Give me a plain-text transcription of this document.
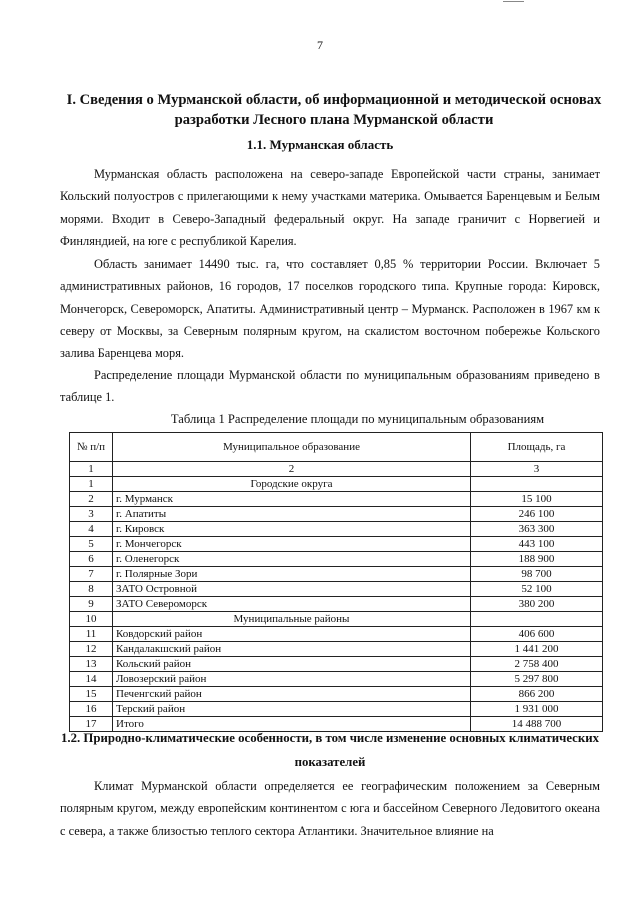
7
I. Сведения о Мурманской области, об информационной и методической основах разработки Лесного плана Мурманской области
1.1. Мурманская область

Мурманская область расположена на северо-западе Европейской части страны, занимает Кольский полуостров с прилегающими к нему участками материка. Омывается Баренцевым и Белым морями. Входит в Северо-Западный федеральный округ. На западе граничит с Норвегией и Финляндией, на юге с республикой Карелия.

Область занимает 14490 тыс. га, что составляет 0,85 % территории России. Включает 5 административных районов, 16 городов, 17 поселков городского типа. Крупные города: Кировск, Мончегорск, Североморск, Апатиты. Административный центр – Мурманск. Расположен в 1967 км к северу от Москвы, за Северным полярным кругом, на скалистом восточном побережье Кольского залива Баренцева моря.

Распределение площади Мурманской области по муниципальным образованиям приведено в таблице 1.

Таблица 1 Распределение площади по муниципальным образованиям
№ п/п	Муниципальное образование	Площадь, га
1	2	3
1	Городские округа	
2	г. Мурманск	15 100
3	г. Апатиты	246 100
4	г. Кировск	363 300
5	г. Мончегорск	443 100
6	г. Оленегорск	188 900
7	г. Полярные Зори	98 700
8	ЗАТО Островной	52 100
9	ЗАТО Североморск	380 200
10	Муниципальные районы	
11	Ковдорский район	406 600
12	Кандалакшский район	1 441 200
13	Кольский район	2 758 400
14	Ловозерский район	5 297 800
15	Печенгский район	866 200
16	Терский район	1 931 000
17	Итого	14 488 700
1.2. Природно-климатические особенности, в том числе изменение основных климатических показателей

Климат Мурманской области определяется ее географическим положением за Северным полярным кругом, между европейским континентом с юга и бассейном Северного Ледовитого океана с севера, а также близостью теплого сектора Атлантики. Значительное влияние на
